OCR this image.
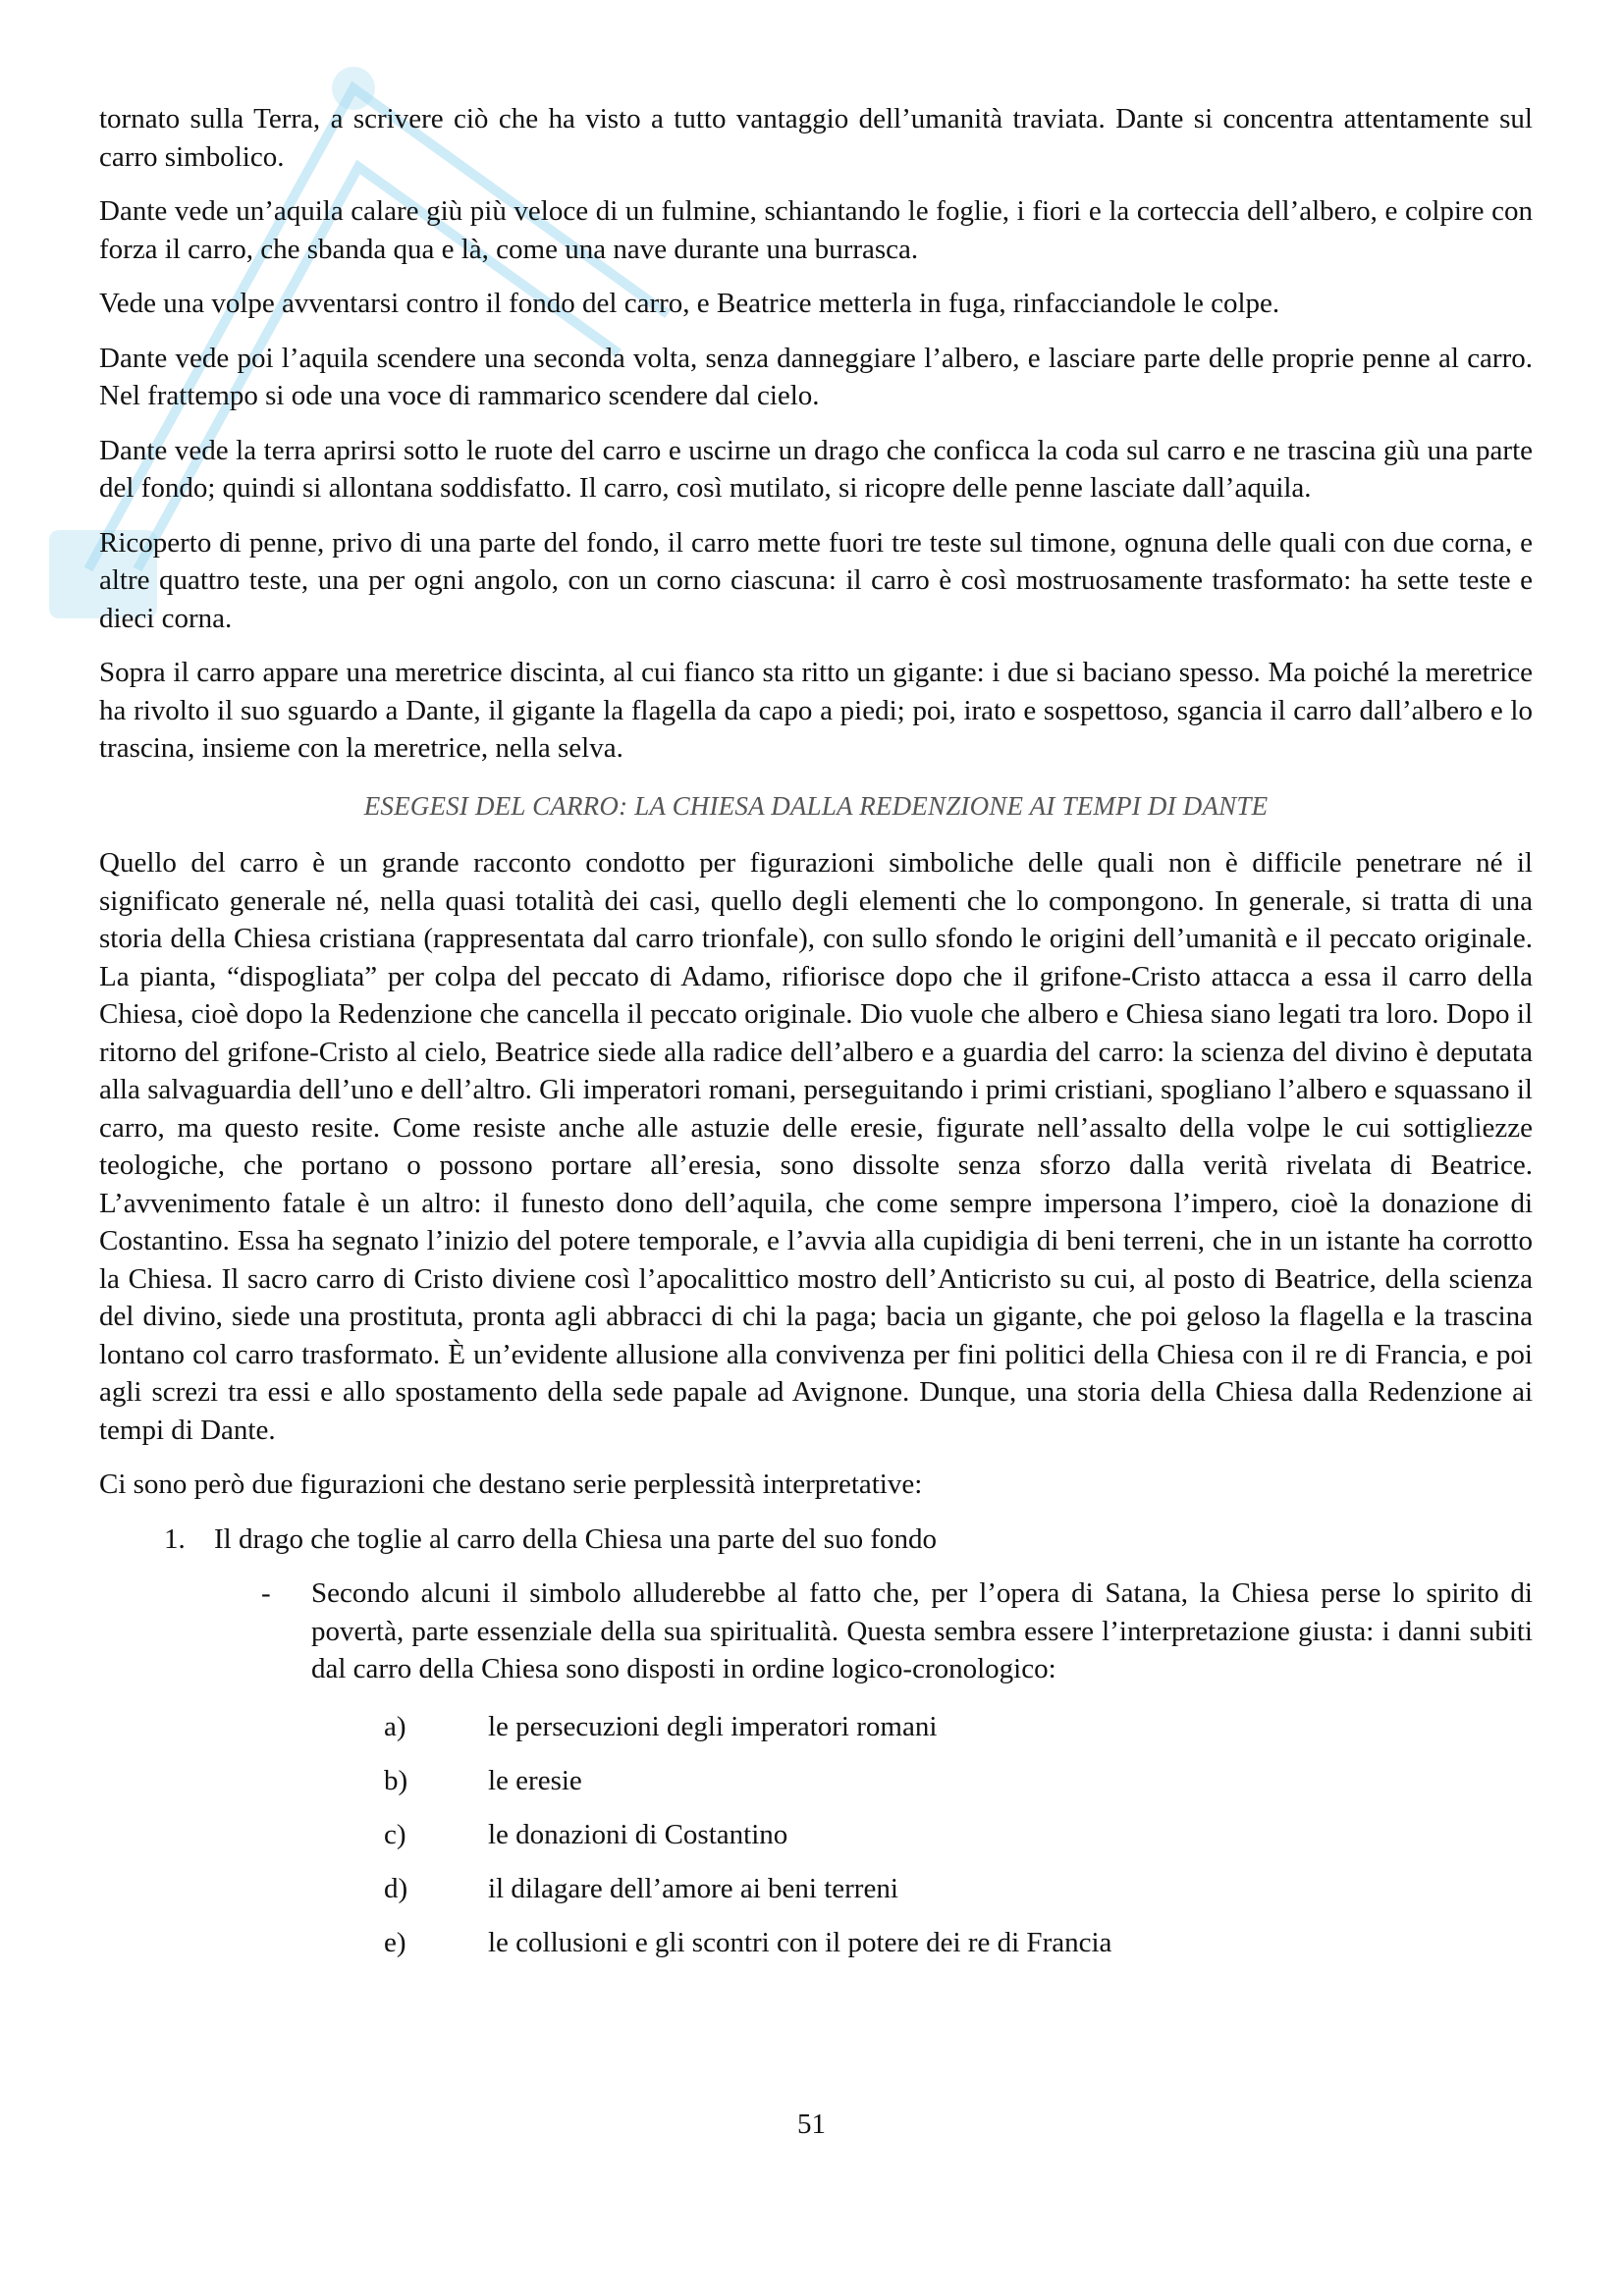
tornato sulla Terra, a scrivere ciò che ha visto a tutto vantaggio dell’umanità traviata. Dante si concentra attentamente sul carro simbolico.

Dante vede un’aquila calare giù più veloce di un fulmine, schiantando le foglie, i fiori e la corteccia dell’albero, e colpire con forza il carro, che sbanda qua e là, come una nave durante una burrasca.

Vede una volpe avventarsi contro il fondo del carro, e Beatrice metterla in fuga, rinfacciandole le colpe.

Dante vede poi l’aquila scendere una seconda volta, senza danneggiare l’albero, e lasciare parte delle proprie penne al carro. Nel frattempo si ode una voce di rammarico scendere dal cielo.

Dante vede la terra aprirsi sotto le ruote del carro e uscirne un drago che conficca la coda sul carro e ne trascina giù una parte del fondo; quindi si allontana soddisfatto. Il carro, così mutilato, si ricopre delle penne lasciate dall’aquila.

Ricoperto di penne, privo di una parte del fondo, il carro mette fuori tre teste sul timone, ognuna delle quali con due corna, e altre quattro teste, una per ogni angolo, con un corno ciascuna: il carro è così mostruosamente trasformato: ha sette teste e dieci corna.

Sopra il carro appare una meretrice discinta, al cui fianco sta ritto un gigante: i due si baciano spesso. Ma poiché la meretrice ha rivolto il suo sguardo a Dante, il gigante la flagella da capo a piedi; poi, irato e sospettoso, sgancia il carro dall’albero e lo trascina, insieme con la meretrice, nella selva.

ESEGESI DEL CARRO: LA CHIESA DALLA REDENZIONE AI TEMPI DI DANTE

Quello del carro è un grande racconto condotto per figurazioni simboliche delle quali non è difficile penetrare né il significato generale né, nella quasi totalità dei casi, quello degli elementi che lo compongono. In generale, si tratta di una storia della Chiesa cristiana (rappresentata dal carro trionfale), con sullo sfondo le origini dell’umanità e il peccato originale. La pianta, “dispogliata” per colpa del peccato di Adamo, rifiorisce dopo che il grifone-Cristo attacca a essa il carro della Chiesa, cioè dopo la Redenzione che cancella il peccato originale. Dio vuole che albero e Chiesa siano legati tra loro. Dopo il ritorno del grifone-Cristo al cielo, Beatrice siede alla radice dell’albero e a guardia del carro: la scienza del divino è deputata alla salvaguardia dell’uno e dell’altro. Gli imperatori romani, perseguitando i primi cristiani, spogliano l’albero e squassano il carro, ma questo resite. Come resiste anche alle astuzie delle eresie, figurate nell’assalto della volpe le cui sottigliezze teologiche, che portano o possono portare all’eresia, sono dissolte senza sforzo dalla verità rivelata di Beatrice. L’avvenimento fatale è un altro: il funesto dono dell’aquila, che come sempre impersona l’impero, cioè la donazione di Costantino. Essa ha segnato l’inizio del potere temporale, e l’avvia alla cupidigia di beni terreni, che in un istante ha corrotto la Chiesa. Il sacro carro di Cristo diviene così l’apocalittico mostro dell’Anticristo su cui, al posto di Beatrice, della scienza del divino, siede una prostituta, pronta agli abbracci di chi la paga; bacia un gigante, che poi geloso la flagella e la trascina lontano col carro trasformato. È un’evidente allusione alla convivenza per fini politici della Chiesa con il re di Francia, e poi agli screzi tra essi e allo spostamento della sede papale ad Avignone. Dunque, una storia della Chiesa dalla Redenzione ai tempi di Dante.

Ci sono però due figurazioni che destano serie perplessità interpretative:

1. Il drago che toglie al carro della Chiesa una parte del suo fondo
- Secondo alcuni il simbolo alluderebbe al fatto che, per l’opera di Satana, la Chiesa perse lo spirito di povertà, parte essenziale della sua spiritualità. Questa sembra essere l’interpretazione giusta: i danni subiti dal carro della Chiesa sono disposti in ordine logico-cronologico:
a)	le persecuzioni degli imperatori romani
b)	le eresie
c)	le donazioni di Costantino
d)	il dilagare dell’amore ai beni terreni
e)	le collusioni e gli scontri con il potere dei re di Francia
51
